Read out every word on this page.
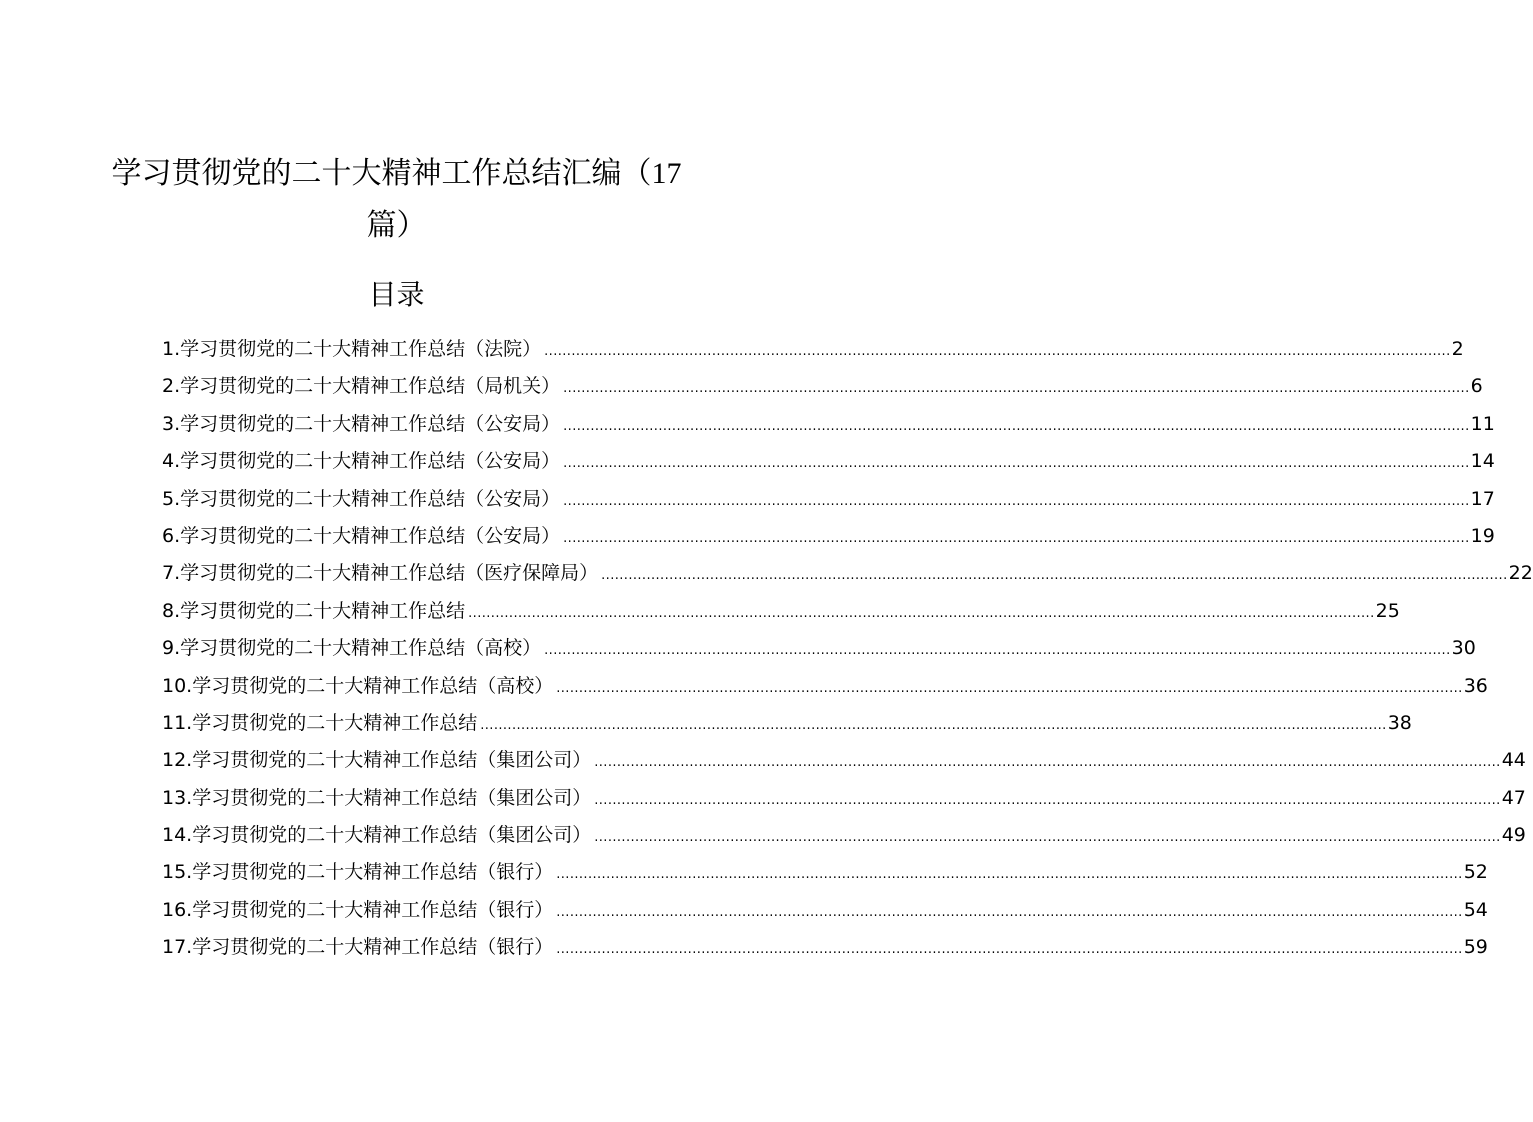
学习贯彻党的二十大精神工作总结汇编（17
篇）
目录
1.学习贯彻党的二十大精神工作总结（法院） ........................................................................................................................................................................................................ 2
2.学习贯彻党的二十大精神工作总结（局机关） ........................................................................................................................................................................................................ 6
3.学习贯彻党的二十大精神工作总结（公安局） ........................................................................................................................................................................................................ 11
4.学习贯彻党的二十大精神工作总结（公安局） ........................................................................................................................................................................................................ 14
5.学习贯彻党的二十大精神工作总结（公安局） ........................................................................................................................................................................................................ 17
6.学习贯彻党的二十大精神工作总结（公安局） ........................................................................................................................................................................................................ 19
7.学习贯彻党的二十大精神工作总结（医疗保障局） ........................................................................................................................................................................................................ 22
8.学习贯彻党的二十大精神工作总结 ........................................................................................................................................................................................................ 25
9.学习贯彻党的二十大精神工作总结（高校） ........................................................................................................................................................................................................ 30
10.学习贯彻党的二十大精神工作总结（高校） ........................................................................................................................................................................................................ 36
11.学习贯彻党的二十大精神工作总结 ........................................................................................................................................................................................................ 38
12.学习贯彻党的二十大精神工作总结（集团公司） ........................................................................................................................................................................................................ 44
13.学习贯彻党的二十大精神工作总结（集团公司） ........................................................................................................................................................................................................ 47
14.学习贯彻党的二十大精神工作总结（集团公司） ........................................................................................................................................................................................................ 49
15.学习贯彻党的二十大精神工作总结（银行） ........................................................................................................................................................................................................ 52
16.学习贯彻党的二十大精神工作总结（银行） ........................................................................................................................................................................................................ 54
17.学习贯彻党的二十大精神工作总结（银行） ........................................................................................................................................................................................................ 59
